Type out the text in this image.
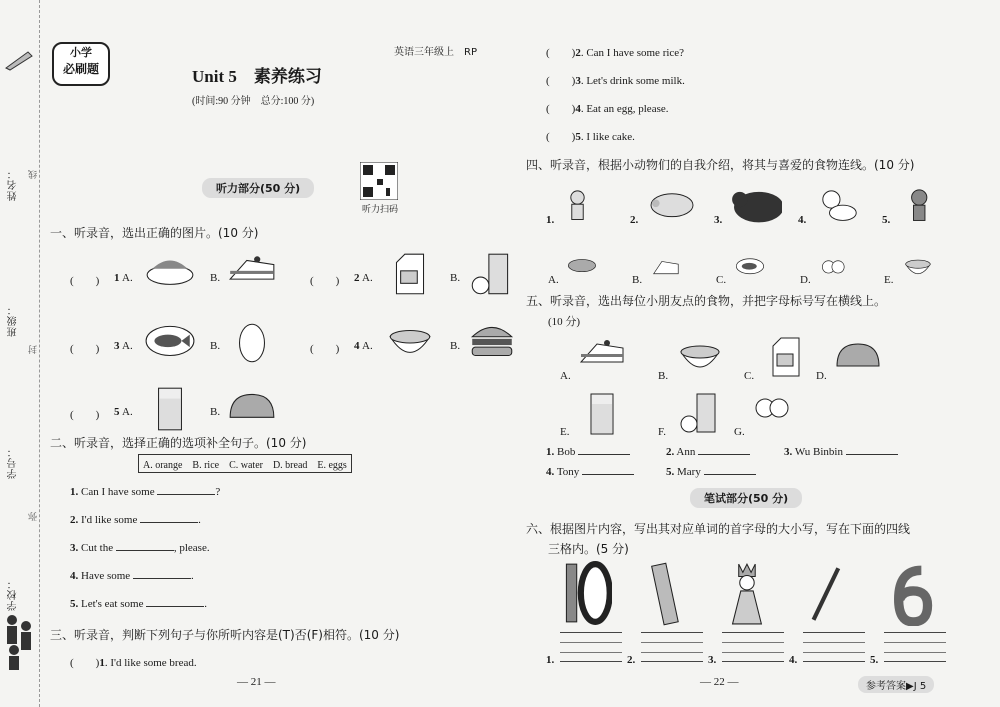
姓名：
班级：
学号：
学校：
线
封
弥
小学
必刷题
英语三年级上　RP
Unit 5　素养练习
(时间:90 分钟　总分:100 分)

听力部分(50 分)
听力扫码
一、听录音，选出正确的图片。(10 分)
(　　) 1 A.	B.	(　　) 2 A.	B.
(　　) 3 A.	B.	(　　) 4 A.	B.
(　　) 5 A.	B.
二、听录音，选择正确的选项补全句子。(10 分)
A. orange　B. rice　C. water　D. bread　E. eggs
1. Can I have some	?
2. I'd like some	.
3. Cut the	, please.
4. Have some	.
5. Let's eat some	.
三、听录音，判断下列句子与你所听内容是(T)否(F)相符。(10 分)
(　　)1. I'd like some bread.
— 21 —
(　　)2. Can I have some rice?
(　　)3. Let's drink some milk.
(　　)4. Eat an egg, please.
(　　)5. I like cake.
四、听录音，根据小动物们的自我介绍，将其与喜爱的食物连线。(10 分)
1.	2.	3.	4.	5.
A.	B.	C.	D.	E.
五、听录音，选出每位小朋友点的食物，并把字母标号写在横线上。
(10 分)
A.	B.	C.	D.
E.	F.	G.
1. Bob	2. Ann	3. Wu Binbin
4. Tony	5. Mary
笔试部分(50 分)
六、根据图片内容，写出其对应单词的首字母的大小写，写在下面的四线
三格内。(5 分)
1.	2.	3.	4.	5.
— 22 —	参考答案▶J 5
